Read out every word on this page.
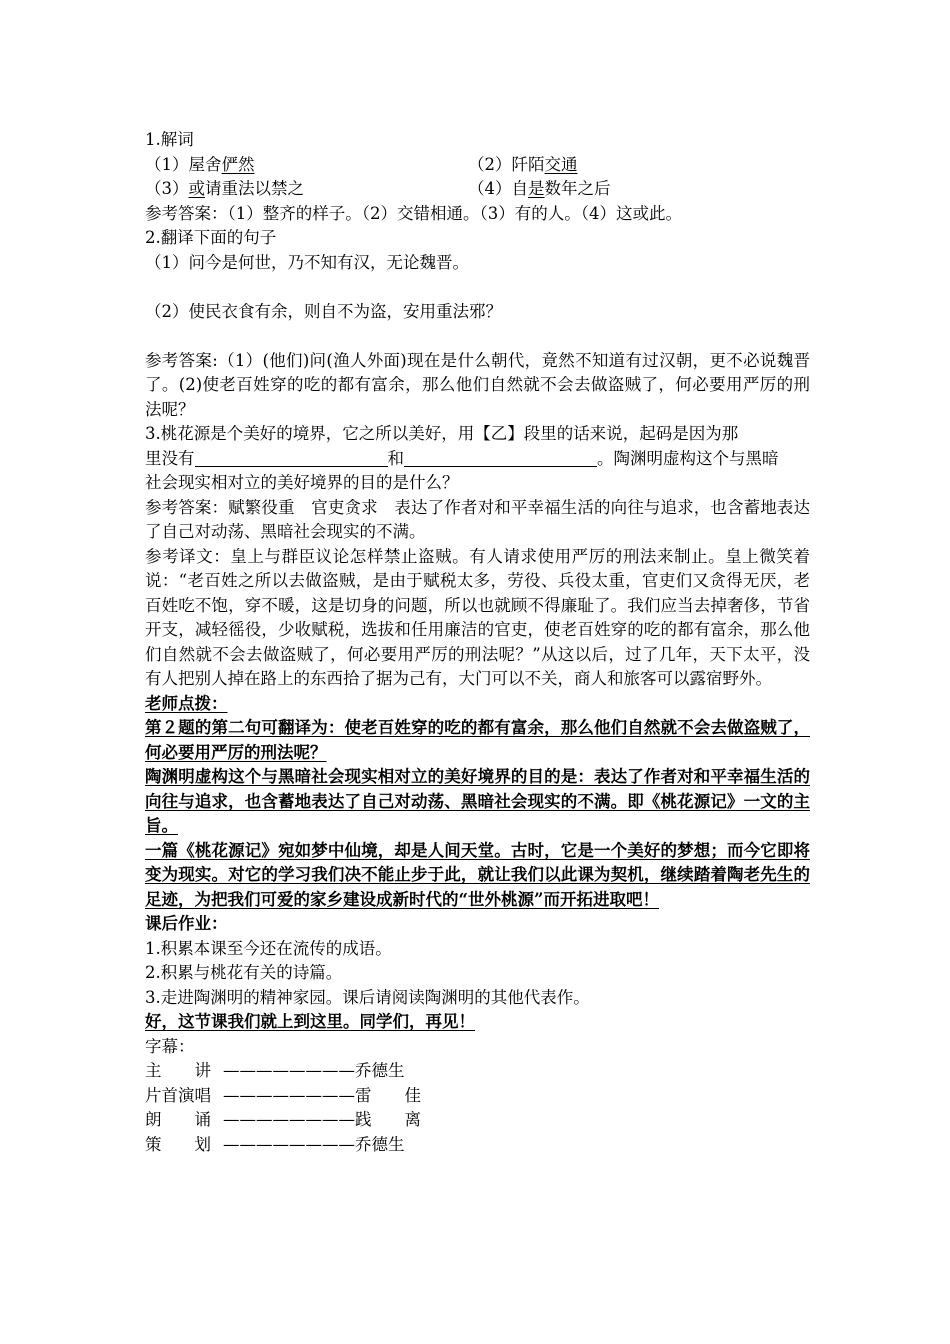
1.解词
（1）屋舍俨然	（2）阡陌交通
（3）或请重法以禁之	（4）自是数年之后
参考答案：（1）整齐的样子。（2）交错相通。（3）有的人。（4）这或此。
2.翻译下面的句子
（1）问今是何世，乃不知有汉，无论魏晋。
（2）使民衣食有余，则自不为盗，安用重法邪？
参考答案:（1）(他们)问(渔人外面)现在是什么朝代，竟然不知道有过汉朝，更不必说魏晋了。(2)使老百姓穿的吃的都有富余，那么他们自然就不会去做盗贼了，何必要用严厉的刑法呢？
3.桃花源是个美好的境界，它之所以美好，用【乙】段里的话来说，起码是因为那
里没有	和	。陶渊明虚构这个与黑暗
社会现实相对立的美好境界的目的是什么？
参考答案：赋繁役重　官吏贪求　表达了作者对和平幸福生活的向往与追求，也含蓄地表达了自己对动荡、黑暗社会现实的不满。
参考译文：皇上与群臣议论怎样禁止盗贼。有人请求使用严厉的刑法来制止。皇上微笑着说：“老百姓之所以去做盗贼，是由于赋税太多，劳役、兵役太重，官吏们又贪得无厌，老百姓吃不饱，穿不暖，这是切身的问题，所以也就顾不得廉耻了。我们应当去掉奢侈，节省开支，减轻徭役，少收赋税，选拔和任用廉洁的官吏，使老百姓穿的吃的都有富余，那么他们自然就不会去做盗贼了，何必要用严厉的刑法呢？”从这以后，过了几年，天下太平，没有人把别人掉在路上的东西拾了据为己有，大门可以不关，商人和旅客可以露宿野外。
老师点拨：
第２题的第二句可翻译为：使老百姓穿的吃的都有富余，那么他们自然就不会去做盗贼了，何必要用严厉的刑法呢？
陶渊明虚构这个与黑暗社会现实相对立的美好境界的目的是：表达了作者对和平幸福生活的向往与追求，也含蓄地表达了自己对动荡、黑暗社会现实的不满。即《桃花源记》一文的主旨。
一篇《桃花源记》宛如梦中仙境，却是人间天堂。古时，它是一个美好的梦想；而今它即将变为现实。对它的学习我们决不能止步于此，就让我们以此课为契机，继续踏着陶老先生的足迹，为把我们可爱的家乡建设成新时代的“世外桃源”而开拓进取吧！
课后作业：
1.积累本课至今还在流传的成语。
2.积累与桃花有关的诗篇。
3.走进陶渊明的精神家园。课后请阅读陶渊明的其他代表作。
好，这节课我们就上到这里。同学们，再见！
字幕：
主　　讲 ————————乔德生
片首演唱 ————————雷　　佳
朗　　诵 ————————践　　离
策　　划 ————————乔德生
